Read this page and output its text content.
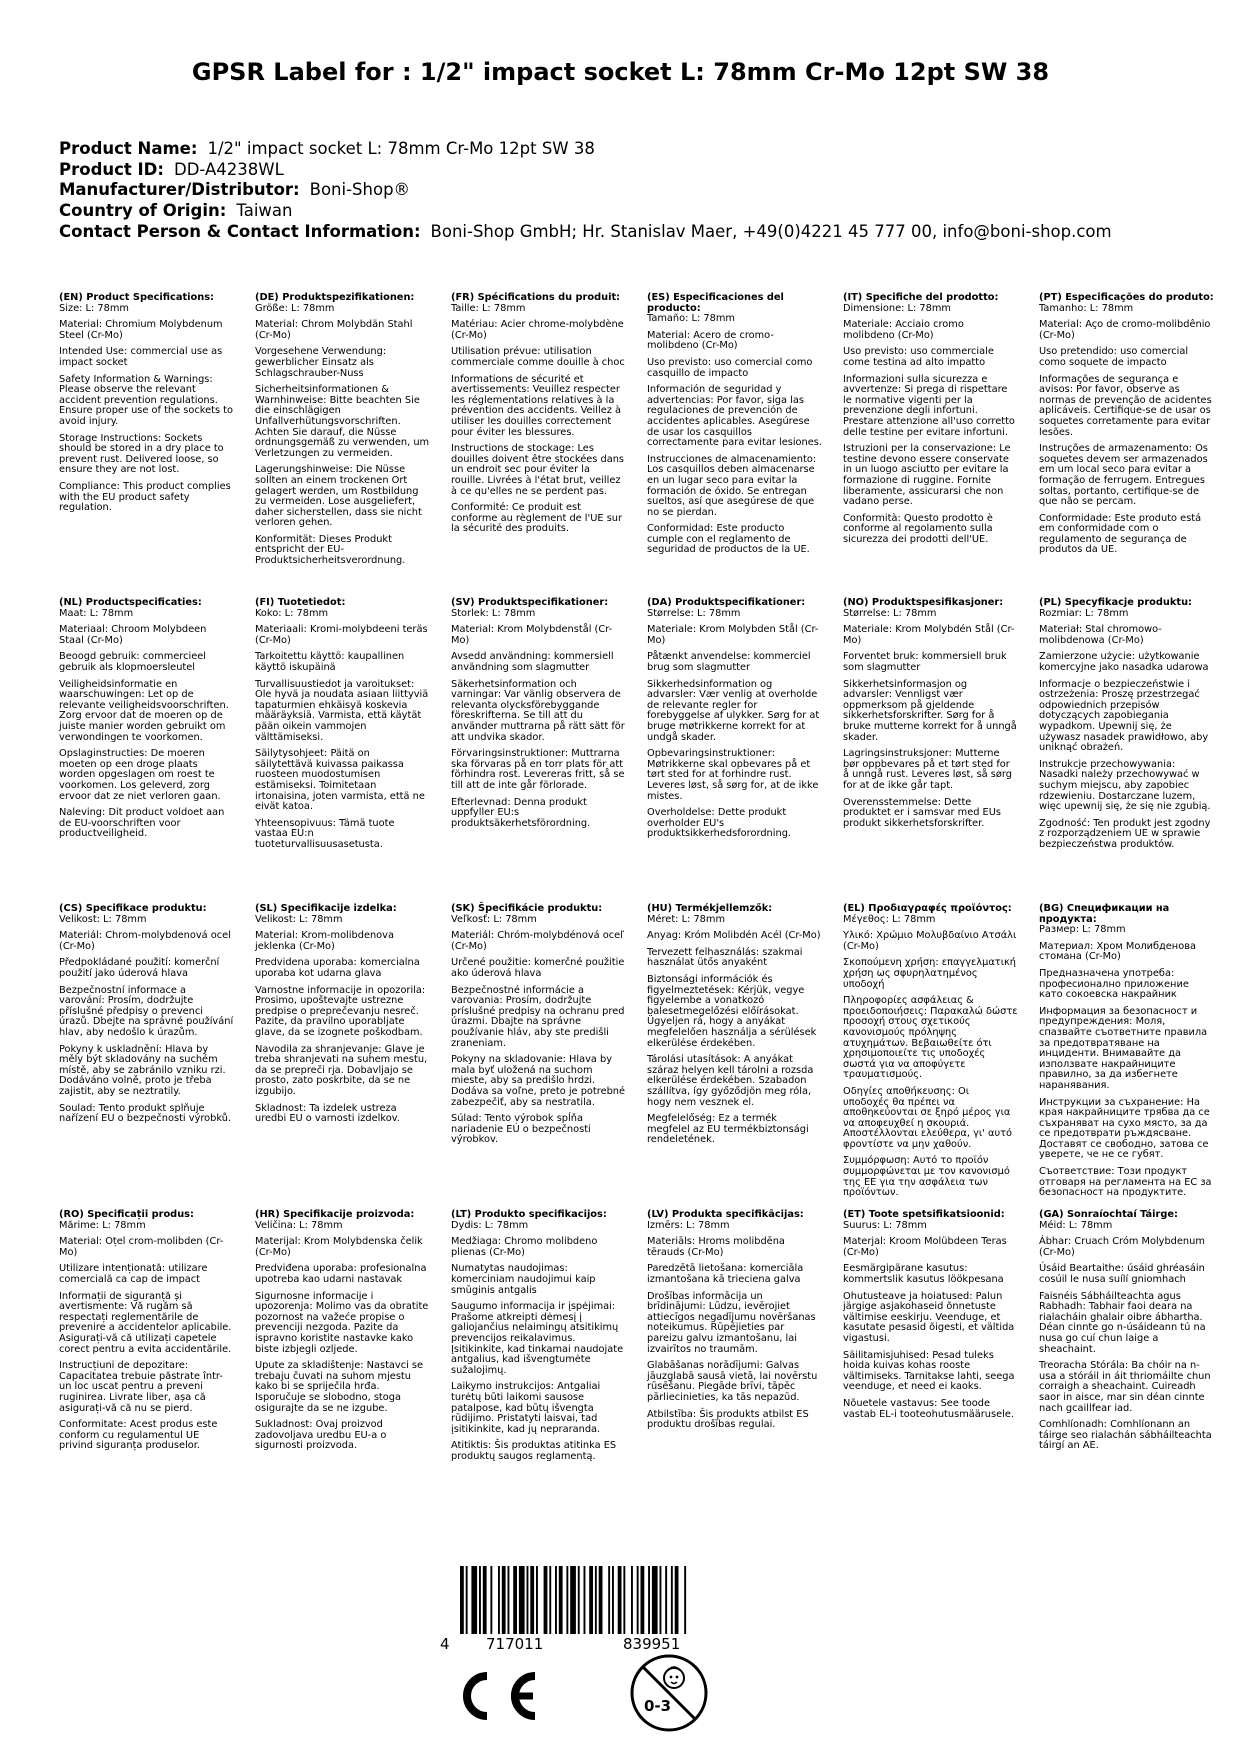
GPSR Label for : 1/2" impact socket L: 78mm Cr-Mo 12pt SW 38
Product Name: 1/2" impact socket L: 78mm Cr-Mo 12pt SW 38
Product ID: DD-A4238WL
Manufacturer/Distributor: Boni-Shop®
Country of Origin: Taiwan
Contact Person & Contact Information: Boni-Shop GmbH; Hr. Stanislav Maer, +49(0)4221 45 777 00, info@boni-shop.com

(EN) Product Specifications:

Size: L: 78mm

Material: Chromium Molybdenum Steel (Cr-Mo)

Intended Use: commercial use as impact socket

Safety Information & Warnings: Please observe the relevant accident prevention regulations. Ensure proper use of the sockets to avoid injury.

Storage Instructions: Sockets should be stored in a dry place to prevent rust. Delivered loose, so ensure they are not lost.

Compliance: This product complies with the EU product safety regulation.

(DE) Produktspezifikationen:

Größe: L: 78mm

Material: Chrom Molybdän Stahl (Cr-Mo)

Vorgesehene Verwendung: gewerblicher Einsatz als Schlagschrauber-Nuss

Sicherheitsinformationen & Warnhinweise: Bitte beachten Sie die einschlägigen Unfallverhütungsvorschriften. Achten Sie darauf, die Nüsse ordnungsgemäß zu verwenden, um Verletzungen zu vermeiden.

Lagerungshinweise: Die Nüsse sollten an einem trockenen Ort gelagert werden, um Rostbildung zu vermeiden. Lose ausgeliefert, daher sicherstellen, dass sie nicht verloren gehen.

Konformität: Dieses Produkt entspricht der EU-Produktsicherheitsverordnung.

(FR) Spécifications du produit:

Taille: L: 78mm

Matériau: Acier chrome-molybdène (Cr-Mo)

Utilisation prévue: utilisation commerciale comme douille à choc

Informations de sécurité et avertissements: Veuillez respecter les réglementations relatives à la prévention des accidents. Veillez à utiliser les douilles correctement pour éviter les blessures.

Instructions de stockage: Les douilles doivent être stockées dans un endroit sec pour éviter la rouille. Livrées à l'état brut, veillez à ce qu'elles ne se perdent pas.

Conformité: Ce produit est conforme au règlement de l'UE sur la sécurité des produits.

(ES) Especificaciones del producto:

Tamaño: L: 78mm

Material: Acero de cromo-molibdeno (Cr-Mo)

Uso previsto: uso comercial como casquillo de impacto

Información de seguridad y advertencias: Por favor, siga las regulaciones de prevención de accidentes aplicables. Asegúrese de usar los casquillos correctamente para evitar lesiones.

Instrucciones de almacenamiento: Los casquillos deben almacenarse en un lugar seco para evitar la formación de óxido. Se entregan sueltos, así que asegúrese de que no se pierdan.

Conformidad: Este producto cumple con el reglamento de seguridad de productos de la UE.

(IT) Specifiche del prodotto:

Dimensione: L: 78mm

Materiale: Acciaio cromo molibdeno (Cr-Mo)

Uso previsto: uso commerciale come testina ad alto impatto

Informazioni sulla sicurezza e avvertenze: Si prega di rispettare le normative vigenti per la prevenzione degli infortuni. Prestare attenzione all'uso corretto delle testine per evitare infortuni.

Istruzioni per la conservazione: Le testine devono essere conservate in un luogo asciutto per evitare la formazione di ruggine. Fornite liberamente, assicurarsi che non vadano perse.

Conformità: Questo prodotto è conforme al regolamento sulla sicurezza dei prodotti dell'UE.

(PT) Especificações do produto:

Tamanho: L: 78mm

Material: Aço de cromo-molibdênio (Cr-Mo)

Uso pretendido: uso comercial como soquete de impacto

Informações de segurança e avisos: Por favor, observe as normas de prevenção de acidentes aplicáveis. Certifique-se de usar os soquetes corretamente para evitar lesões.

Instruções de armazenamento: Os soquetes devem ser armazenados em um local seco para evitar a formação de ferrugem. Entregues soltas, portanto, certifique-se de que não se percam.

Conformidade: Este produto está em conformidade com o regulamento de segurança de produtos da UE.

(NL) Productspecificaties:

Maat: L: 78mm

Materiaal: Chroom Molybdeen Staal (Cr-Mo)

Beoogd gebruik: commercieel gebruik als klopmoersleutel

Veiligheidsinformatie en waarschuwingen: Let op de relevante veiligheidsvoorschriften. Zorg ervoor dat de moeren op de juiste manier worden gebruikt om verwondingen te voorkomen.

Opslaginstructies: De moeren moeten op een droge plaats worden opgeslagen om roest te voorkomen. Los geleverd, zorg ervoor dat ze niet verloren gaan.

Naleving: Dit product voldoet aan de EU-voorschriften voor productveiligheid.

(FI) Tuotetiedot:

Koko: L: 78mm

Materiaali: Kromi-molybdeeni teräs (Cr-Mo)

Tarkoitettu käyttö: kaupallinen käyttö iskupäinä

Turvallisuustiedot ja varoitukset: Ole hyvä ja noudata asiaan liittyviä tapaturmien ehkäisyä koskevia määräyksiä. Varmista, että käytät pään oikein vammojen välttämiseksi.

Säilytysohjeet: Päitä on säilytettävä kuivassa paikassa ruosteen muodostumisen estämiseksi. Toimitetaan irtonaisina, joten varmista, että ne eivät katoa.

Yhteensopivuus: Tämä tuote vastaa EU:n tuoteturvallisuusasetusta.

(SV) Produktspecifikationer:

Storlek: L: 78mm

Material: Krom Molybdenstål (Cr-Mo)

Avsedd användning: kommersiell användning som slagmutter

Säkerhetsinformation och varningar: Var vänlig observera de relevanta olycksförebyggande föreskrifterna. Se till att du använder muttrarna på rätt sätt för att undvika skador.

Förvaringsinstruktioner: Muttrarna ska förvaras på en torr plats för att förhindra rost. Levereras fritt, så se till att de inte går förlorade.

Efterlevnad: Denna produkt uppfyller EU:s produktsäkerhetsförordning.

(DA) Produktspecifikationer:

Størrelse: L: 78mm

Materiale: Krom Molybden Stål (Cr-Mo)

Påtænkt anvendelse: kommerciel brug som slagmutter

Sikkerhedsinformation og advarsler: Vær venlig at overholde de relevante regler for forebyggelse af ulykker. Sørg for at bruge møtrikkerne korrekt for at undgå skader.

Opbevaringsinstruktioner: Møtrikkerne skal opbevares på et tørt sted for at forhindre rust. Leveres løst, så sørg for, at de ikke mistes.

Overholdelse: Dette produkt overholder EU's produktsikkerhedsforordning.

(NO) Produktspesifikasjoner:

Størrelse: L: 78mm

Materiale: Krom Molybdén Stål (Cr-Mo)

Forventet bruk: kommersiell bruk som slagmutter

Sikkerhetsinformasjon og advarsler: Vennligst vær oppmerksom på gjeldende sikkerhetsforskrifter. Sørg for å bruke mutterne korrekt for å unngå skader.

Lagringsinstruksjoner: Mutterne bør oppbevares på et tørt sted for å unngå rust. Leveres løst, så sørg for at de ikke går tapt.

Overensstemmelse: Dette produktet er i samsvar med EUs produkt sikkerhetsforskrifter.

(PL) Specyfikacje produktu:

Rozmiar: L: 78mm

Materiał: Stal chromowo-molibdenowa (Cr-Mo)

Zamierzone użycie: użytkowanie komercyjne jako nasadka udarowa

Informacje o bezpieczeństwie i ostrzeżenia: Proszę przestrzegać odpowiednich przepisów dotyczących zapobiegania wypadkom. Upewnij się, że używasz nasadek prawidłowo, aby uniknąć obrażeń.

Instrukcje przechowywania: Nasadki należy przechowywać w suchym miejscu, aby zapobiec rdzewieniu. Dostarczane luzem, więc upewnij się, że się nie zgubią.

Zgodność: Ten produkt jest zgodny z rozporządzeniem UE w sprawie bezpieczeństwa produktów.

(CS) Specifikace produktu:

Velikost: L: 78mm

Materiál: Chrom-molybdenová ocel (Cr-Mo)

Předpokládané použití: komerční použití jako úderová hlava

Bezpečnostní informace a varování: Prosím, dodržujte příslušné předpisy o prevenci úrazů. Dbejte na správné používání hlav, aby nedošlo k úrazům.

Pokyny k uskladnění: Hlava by měly být skladovány na suchém místě, aby se zabránilo vzniku rzi. Dodáváno volně, proto je třeba zajistit, aby se neztratily.

Soulad: Tento produkt splňuje nařízení EU o bezpečnosti výrobků.

(SL) Specifikacije izdelka:

Velikost: L: 78mm

Material: Krom-molibdenova jeklenka (Cr-Mo)

Predvidena uporaba: komercialna uporaba kot udarna glava

Varnostne informacije in opozorila: Prosimo, upoštevajte ustrezne predpise o preprečevanju nesreč. Pazite, da pravilno uporabljate glave, da se izognete poškodbam.

Navodila za shranjevanje: Glave je treba shranjevati na suhem mestu, da se prepreči rja. Dobavljajo se prosto, zato poskrbite, da se ne izgubijo.

Skladnost: Ta izdelek ustreza uredbi EU o varnosti izdelkov.

(SK) Špecifikácie produktu:

Veľkosť: L: 78mm

Materiál: Chróm-molybdénová oceľ (Cr-Mo)

Určené použitie: komerčné použitie ako úderová hlava

Bezpečnostné informácie a varovania: Prosím, dodržujte príslušné predpisy na ochranu pred úrazmi. Dbajte na správne používanie hláv, aby ste predišli zraneniam.

Pokyny na skladovanie: Hlava by mala byť uložená na suchom mieste, aby sa predišlo hrdzi. Dodáva sa voľne, preto je potrebné zabezpečiť, aby sa nestratila.

Súlad: Tento výrobok spĺňa nariadenie EÚ o bezpečnosti výrobkov.

(HU) Termékjellemzők:

Méret: L: 78mm

Anyag: Króm Molibdén Acél (Cr-Mo)

Tervezett felhasználás: szakmai használat ütős anyaként

Biztonsági információk és figyelmeztetések: Kérjük, vegye figyelembe a vonatkozó balesetmegelőzési előírásokat. Ügyeljen rá, hogy a anyákat megfelelően használja a sérülések elkerülése érdekében.

Tárolási utasítások: A anyákat száraz helyen kell tárolni a rozsda elkerülése érdekében. Szabadon szállítva, így győződjön meg róla, hogy nem vesznek el.

Megfelelőség: Ez a termék megfelel az EU termékbiztonsági rendeletének.

(EL) Προδιαγραφές προϊόντος:

Μέγεθος: L: 78mm

Υλικό: Χρώμιο Μολυβδαίνιο Ατσάλι (Cr-Mo)

Σκοπούμενη χρήση: επαγγελματική χρήση ως σφυρηλατημένος υποδοχή

Πληροφορίες ασφάλειας & προειδοποιήσεις: Παρακαλώ δώστε προσοχή στους σχετικούς κανονισμούς πρόληψης ατυχημάτων. Βεβαιωθείτε ότι χρησιμοποιείτε τις υποδοχές σωστά για να αποφύγετε τραυματισμούς.

Οδηγίες αποθήκευσης: Οι υποδοχές θα πρέπει να αποθηκεύονται σε ξηρό μέρος για να αποφευχθεί η σκουριά. Αποστέλλονται ελεύθερα, γι' αυτό φροντίστε να μην χαθούν.

Συμμόρφωση: Αυτό το προϊόν συμμορφώνεται με τον κανονισμό της ΕΕ για την ασφάλεια των προϊόντων.

(BG) Спецификации на продукта:

Размер: L: 78mm

Материал: Хром Молибденова стомана (Cr-Mo)

Предназначена употреба: професионално приложение като сокоевска накрайник

Информация за безопасност и предупреждения: Моля, спазвайте съответните правила за предотвратяване на инциденти. Внимавайте да използвате накрайниците правилно, за да избегнете наранявания.

Инструкции за съхранение: На края накрайниците трябва да се съхраняват на сухо място, за да се предотврати ръждясване. Доставят се свободно, затова се уверете, че не се губят.

Съответствие: Този продукт отговаря на регламента на ЕС за безопасност на продуктите.

(RO) Specificații produs:

Mărime: L: 78mm

Material: Oțel crom-molibden (Cr-Mo)

Utilizare intenționată: utilizare comercială ca cap de impact

Informații de siguranță și avertismente: Vă rugăm să respectați reglementările de prevenire a accidentelor aplicabile. Asigurați-vă că utilizați capetele corect pentru a evita accidentările.

Instrucțiuni de depozitare: Capacitatea trebuie păstrate într-un loc uscat pentru a preveni ruginirea. Livrate liber, așa că asigurați-vă că nu se pierd.

Conformitate: Acest produs este conform cu regulamentul UE privind siguranța produselor.

(HR) Specifikacije proizvoda:

Veličina: L: 78mm

Materijal: Krom Molybdenska čelik (Cr-Mo)

Predviđena uporaba: profesionalna upotreba kao udarni nastavak

Sigurnosne informacije i upozorenja: Molimo vas da obratite pozornost na važeće propise o prevenciji nezgoda. Pazite da ispravno koristite nastavke kako biste izbjegli ozljede.

Upute za skladištenje: Nastavci se trebaju čuvati na suhom mjestu kako bi se spriječila hrđa. Isporučuje se slobodno, stoga osigurajte da se ne izgube.

Sukladnost: Ovaj proizvod zadovoljava uredbu EU-a o sigurnosti proizvoda.

(LT) Produkto specifikacijos:

Dydis: L: 78mm

Medžiaga: Chromo molibdeno plienas (Cr-Mo)

Numatytas naudojimas: komerciniam naudojimui kaip smūginis antgalis

Saugumo informacija ir įspėjimai: Prašome atkreipti dėmesį į galiojančius nelaimingų atsitikimų prevencijos reikalavimus. Įsitikinkite, kad tinkamai naudojate antgalius, kad išvengtumėte sužalojimų.

Laikymo instrukcijos: Antgaliai turėtų būti laikomi sausose patalpose, kad būtų išvengta rūdijimo. Pristatyti laisvai, tad įsitikinkite, kad jų nepraranda.

Atitiktis: Šis produktas atitinka ES produktų saugos reglamentą.

(LV) Produkta specifikācijas:

Izmērs: L: 78mm

Materiāls: Hroms molibdēna tērauds (Cr-Mo)

Paredzētā lietošana: komerciāla izmantošana kā trieciena galva

Drošības informācija un brīdinājumi: Lūdzu, ievērojiet attiecīgos negadījumu novēršanas noteikumus. Rūpējieties par pareizu galvu izmantošanu, lai izvairītos no traumām.

Glabāšanas norādījumi: Galvas jāuzglabā sausā vietā, lai novērstu rūsēšanu. Piegāde brīvi, tāpēc pārliecinieties, ka tās nepazūd.

Atbilstība: Šis produkts atbilst ES produktu drošības regulai.

(ET) Toote spetsifikatsioonid:

Suurus: L: 78mm

Materjal: Kroom Molübdeen Teras (Cr-Mo)

Eesmärgipärane kasutus: kommertslik kasutus löökpesana

Ohutusteave ja hoiatused: Palun järgige asjakohaseid õnnetuste vältimise eeskirju. Veenduge, et kasutate pesasid õigesti, et vältida vigastusi.

Säilitamisjuhised: Pesad tuleks hoida kuivas kohas rooste vältimiseks. Tarnitakse lahti, seega veenduge, et need ei kaoks.

Nõuetele vastavus: See toode vastab EL-i tooteohutusmäärusele.

(GA) Sonraíochtaí Táirge:

Méid: L: 78mm

Ábhar: Cruach Cróm Molybdenum (Cr-Mo)

Úsáid Beartaithe: úsáid ghréasáin cosúil le nusa suílí gniomhach

Faisnéis Sábháilteachta agus Rabhadh: Tabhair faoi deara na rialacháin ghalair oibre ábhartha. Déan cinnte go n-úsáideann tú na nusa go cuí chun laige a sheachaint.

Treoracha Stórála: Ba chóir na n-usa a stóráil in áit thriomáilte chun corraigh a sheachaint. Cuireadh saor in aisce, mar sin déan cinnte nach gcaillfear iad.

Comhlíonadh: Comhlíonann an táirge seo rialachán sábháilteachta táirgí an AE.

4 717011	839951
0-3
